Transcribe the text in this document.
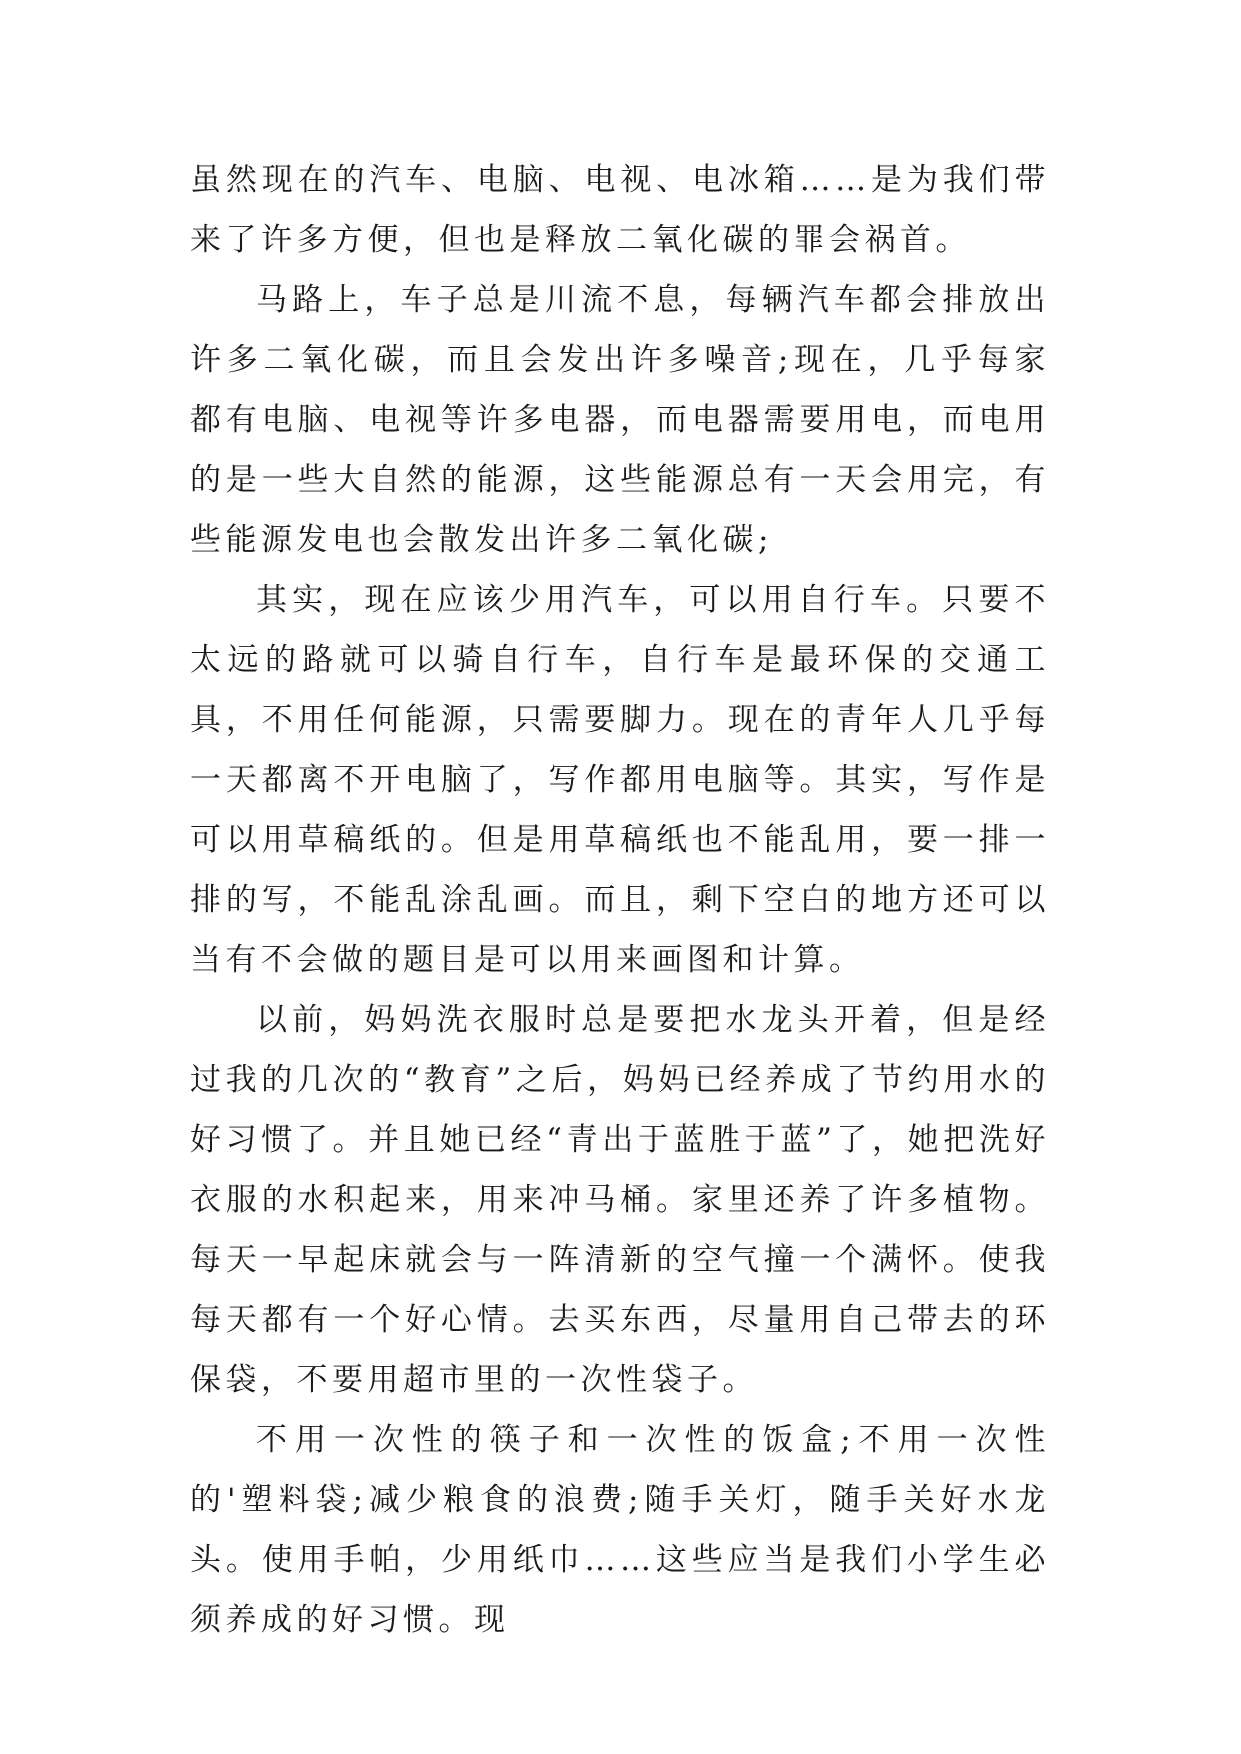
虽然现在的汽车、电脑、电视、电冰箱……是为我们带来了许多方便，但也是释放二氧化碳的罪会祸首。

马路上，车子总是川流不息，每辆汽车都会排放出许多二氧化碳，而且会发出许多噪音;现在，几乎每家都有电脑、电视等许多电器，而电器需要用电，而电用的是一些大自然的能源，这些能源总有一天会用完，有些能源发电也会散发出许多二氧化碳;

其实，现在应该少用汽车，可以用自行车。只要不太远的路就可以骑自行车，自行车是最环保的交通工具，不用任何能源，只需要脚力。现在的青年人几乎每一天都离不开电脑了，写作都用电脑等。其实，写作是可以用草稿纸的。但是用草稿纸也不能乱用，要一排一排的写，不能乱涂乱画。而且，剩下空白的地方还可以当有不会做的题目是可以用来画图和计算。

以前，妈妈洗衣服时总是要把水龙头开着，但是经过我的几次的“教育”之后，妈妈已经养成了节约用水的好习惯了。并且她已经“青出于蓝胜于蓝”了，她把洗好衣服的水积起来，用来冲马桶。家里还养了许多植物。每天一早起床就会与一阵清新的空气撞一个满怀。使我每天都有一个好心情。去买东西，尽量用自己带去的环保袋，不要用超市里的一次性袋子。

不用一次性的筷子和一次性的饭盒;不用一次性的'塑料袋;减少粮食的浪费;随手关灯，随手关好水龙头。使用手帕，少用纸巾……这些应当是我们小学生必须养成的好习惯。现
